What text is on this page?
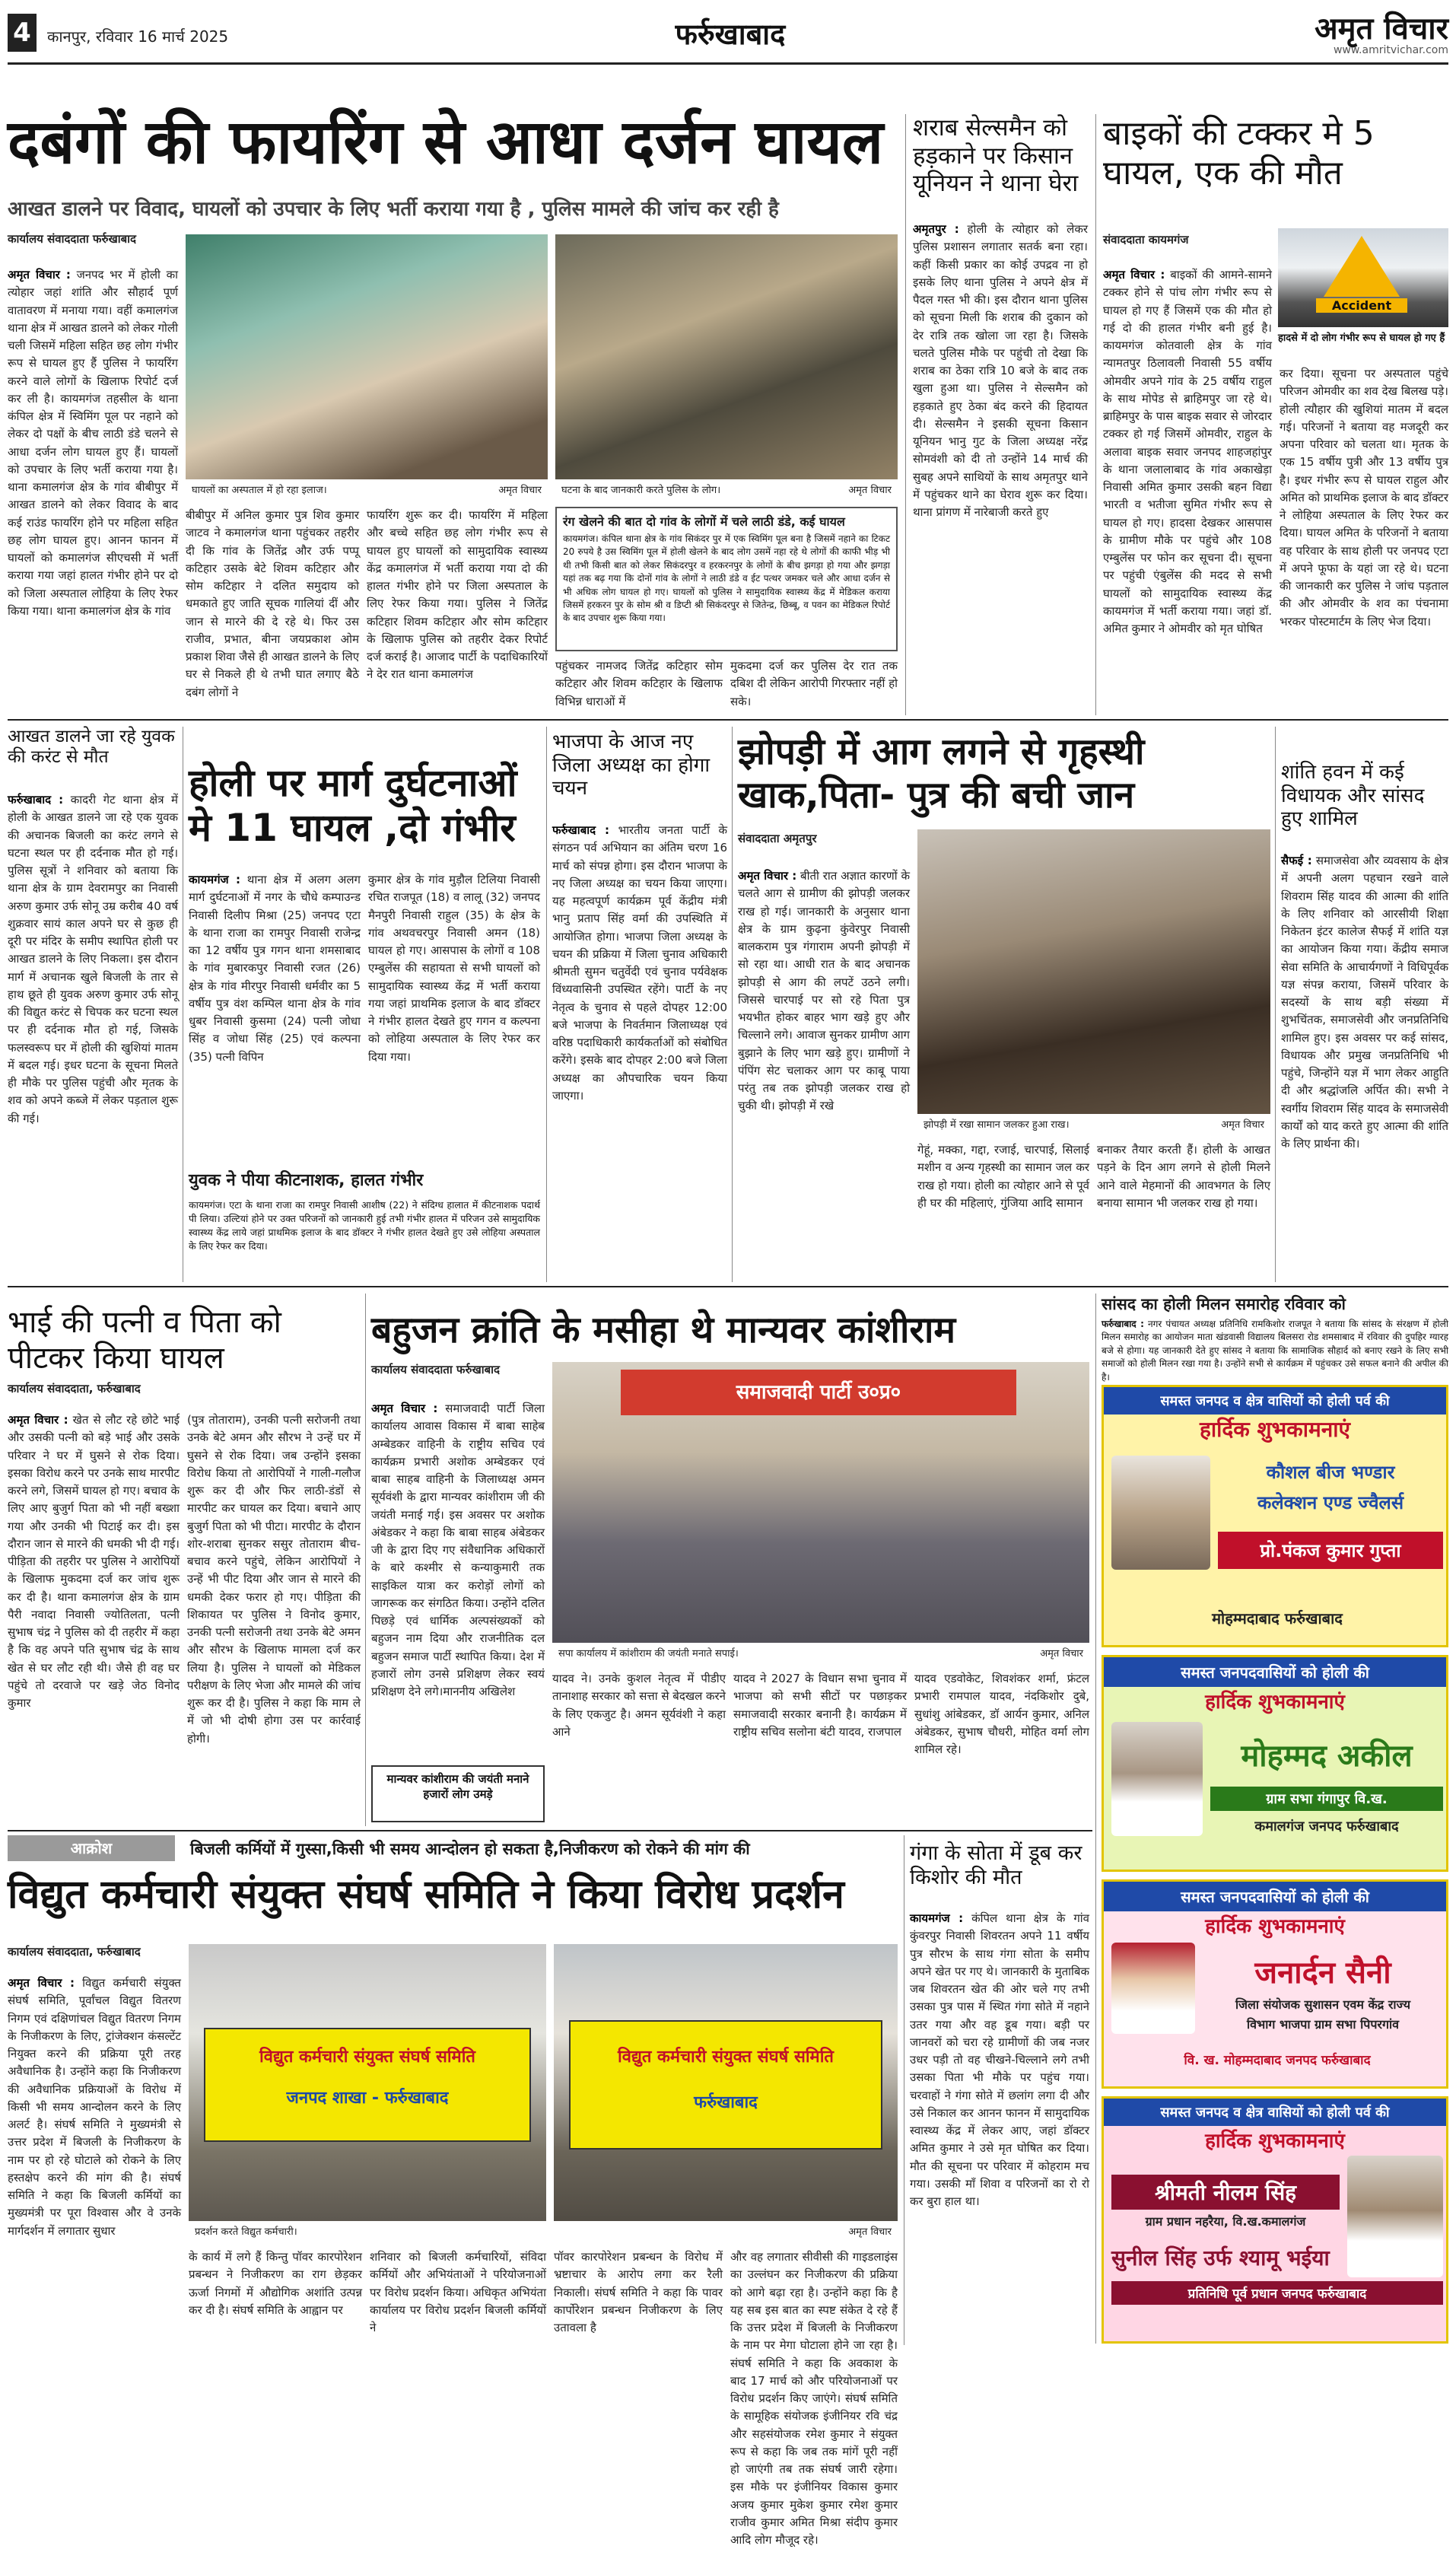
4	कानपुर, रविवार 16 मार्च 2025	फर्रुखाबाद	अमृत विचार
www.amritvichar.com
दबंगों की फायरिंग से आधा दर्जन घायल
आखत डालने पर विवाद, घायलों को उपचार के लिए भर्ती कराया गया है , पुलिस मामले की जांच कर रही है
कार्यालय संवाददाता फर्रुखाबाद
अमृत विचार : जनपद भर में होली का त्योहार जहां शांति और सौहार्द पूर्ण वातावरण में मनाया गया। वहीं कमालगंज थाना क्षेत्र में आखत डालने को लेकर गोली चली जिसमें महिला सहित छह लोग गंभीर रूप से घायल हुए हैं पुलिस ने फायरिंग करने वाले लोगों के खिलाफ रिपोर्ट दर्ज कर ली है। कायमगंज तहसील के थाना कंपिल क्षेत्र में स्विमिंग पूल पर नहाने को लेकर दो पक्षों के बीच लाठी डंडे चलने से आधा दर्जन लोग घायल हुए हैं। घायलों को उपचार के लिए भर्ती कराया गया है। थाना कमालगंज क्षेत्र के गांव बीबीपुर में आखत डालने को लेकर विवाद के बाद कई राउंड फायरिंग होने पर महिला सहित छह लोग घायल हुए। आनन फानन में घायलों को कमालगंज सीएचसी में भर्ती कराया गया जहां हालत गंभीर होने पर दो को जिला अस्पताल लोहिया के लिए रेफर किया गया। थाना कमालगंज क्षेत्र के गांव
घायलों का अस्पताल में हो रहा इलाज।	अमृत विचार घटना के बाद जानकारी करते पुलिस के लोग।	अमृत विचार
बीबीपुर में अनिल कुमार पुत्र शिव कुमार जाटव ने कमालगंज थाना पहुंचकर तहरीर दी कि गांव के जितेंद्र और उर्फ पप्पू कटिहार उसके बेटे शिवम कटिहार और सोम कटिहार ने दलित समुदाय को धमकाते हुए जाति सूचक गालियां दीं और जान से मारने की दे रहे थे। फिर उस राजीव, प्रभात, बीना जयप्रकाश ओम प्रकाश शिवा जैसे ही आखत डालने के लिए घर से निकले ही थे तभी घात लगाए बैठे दबंग लोगों ने
फायरिंग शुरू कर दी। फायरिंग में महिला और बच्चे सहित छह लोग गंभीर रूप से घायल हुए घायलों को सामुदायिक स्वास्थ्य केंद्र कमालगंज में भर्ती कराया गया दो की हालत गंभीर होने पर जिला अस्पताल के लिए रेफर किया गया। पुलिस ने जितेंद्र कटिहार शिवम कटिहार और सोम कटिहार के खिलाफ पुलिस को तहरीर देकर रिपोर्ट दर्ज कराई है। आजाद पार्टी के पदाधिकारियों ने देर रात थाना कमालगंज
रंग खेलने की बात दो गांव के लोगों में चले लाठी डंडे, कई घायल
कायमगंज। कंपिल थाना क्षेत्र के गांव सिकंदर पुर में एक स्विमिंग पूल बना है जिसमें नहाने का टिकट 20 रुपये है उस स्विमिंग पूल में होली खेलने के बाद लोग उसमें नहा रहे थे लोगों की काफी भीड़ भी थी तभी किसी बात को लेकर सिकंदरपुर व हरकरनपुर के लोगों के बीच झगड़ा हो गया और झगड़ा यहां तक बढ़ गया कि दोनों गांव के लोगों ने लाठी डंडे व ईट पत्थर जमकर चले और आधा दर्जन से भी अधिक लोग घायल हो गए। घायलों को पुलिस ने सामुदायिक स्वास्थ्य केंद्र में मेडिकल कराया जिसमें हरकरन पुर के सोम श्री व डिप्टी श्री सिकंदरपुर से जितेन्द्र, छिब्बू, व पवन का मेडिकल रिपोर्ट के बाद उपचार शुरू किया गया।
पहुंचकर नामजद जितेंद्र कटिहार सोम कटिहार और शिवम कटिहार के खिलाफ विभिन्न धाराओं में
मुकदमा दर्ज कर पुलिस देर रात तक दबिश दी लेकिन आरोपी गिरफ्तार नहीं हो सके।
शराब सेल्समैन को हड़काने पर किसान यूनियन ने थाना घेरा
अमृतपुर : होली के त्योहार को लेकर पुलिस प्रशासन लगातार सतर्क बना रहा। कहीं किसी प्रकार का कोई उपद्रव ना हो इसके लिए थाना पुलिस ने अपने क्षेत्र में पैदल गस्त भी की। इस दौरान थाना पुलिस को सूचना मिली कि शराब की दुकान को देर रात्रि तक खोला जा रहा है। जिसके चलते पुलिस मौके पर पहुंची तो देखा कि शराब का ठेका रात्रि 10 बजे के बाद तक खुला हुआ था। पुलिस ने सेल्समैन को हड़काते हुए ठेका बंद करने की हिदायत दी। सेल्समैन ने इसकी सूचना किसान यूनियन भानु गुट के जिला अध्यक्ष नरेंद्र सोमवंशी को दी तो उन्होंने 14 मार्च की सुबह अपने साथियों के साथ अमृतपुर थाने में पहुंचकर थाने का घेराव शुरू कर दिया। थाना प्रांगण में नारेबाजी करते हुए
बाइकों की टक्कर मे 5 घायल, एक की मौत
संवाददाता कायमगंज
Accident
हादसे में दो लोग गंभीर रूप से घायल हो गए हैं
अमृत विचार : बाइकों की आमने-सामने टक्कर होने से पांच लोग गंभीर रूप से घायल हो गए हैं जिसमें एक की मौत हो गई दो की हालत गंभीर बनी हुई है। कायमगंज कोतवाली क्षेत्र के गांव न्यामतपुर ठिलावली निवासी 55 वर्षीय ओमवीर अपने गांव के 25 वर्षीय राहुल के साथ मोपेड से ब्राहिमपुर जा रहे थे। ब्राहिमपुर के पास बाइक सवार से जोरदार टक्कर हो गई जिसमें ओमवीर, राहुल के अलावा बाइक सवार जनपद शाहजहांपुर के थाना जलालाबाद के गांव अकाखेड़ा निवासी अमित कुमार उसकी बहन विद्या भारती व भतीजा सुमित गंभीर रूप से घायल हो गए। हादसा देखकर आसपास के ग्रामीण मौके पर पहुंचे और 108 एम्बुलेंस पर फोन कर सूचना दी। सूचना पर पहुंची एंबुलेंस की मदद से सभी घायलों को सामुदायिक स्वास्थ्य केंद्र कायमगंज में भर्ती कराया गया। जहां डॉ. अमित कुमार ने ओमवीर को मृत घोषित
कर दिया। सूचना पर अस्पताल पहुंचे परिजन ओमवीर का शव देख बिलख पड़े। होली त्यौहार की खुशियां मातम में बदल गई। परिजनों ने बताया वह मजदूरी कर अपना परिवार को चलता था। मृतक के एक 15 वर्षीय पुत्री और 13 वर्षीय पुत्र है। इधर गंभीर रूप से घायल राहुल और अमित को प्राथमिक इलाज के बाद डॉक्टर ने लोहिया अस्पताल के लिए रेफर कर दिया। घायल अमित के परिजनों ने बताया वह परिवार के साथ होली पर जनपद एटा में अपने फूफा के यहां जा रहे थे। घटना की जानकारी कर पुलिस ने जांच पड़ताल की और ओमवीर के शव का पंचनामा भरकर पोस्टमार्टम के लिए भेज दिया।
आखत डालने जा रहे युवक की करंट से मौत
फर्रुखाबाद : कादरी गेट थाना क्षेत्र में होली के आखत डालने जा रहे एक युवक की अचानक बिजली का करंट लगने से घटना स्थल पर ही दर्दनाक मौत हो गई। पुलिस सूत्रों ने शनिवार को बताया कि थाना क्षेत्र के ग्राम देवरामपुर का निवासी अरुण कुमार उर्फ सोनू उम्र करीब 40 वर्ष शुक्रवार सायं काल अपने घर से कुछ ही दूरी पर मंदिर के समीप स्थापित होली पर आखत डालने के लिए निकला। इस दौरान मार्ग में अचानक खुले बिजली के तार से हाथ छूते ही युवक अरुण कुमार उर्फ सोनू की विद्युत करंट से चिपक कर घटना स्थल पर ही दर्दनाक मौत हो गई, जिसके फलस्वरूप घर में होली की खुशियां मातम में बदल गई। इधर घटना के सूचना मिलते ही मौके पर पुलिस पहुंची और मृतक के शव को अपने कब्जे में लेकर पड़ताल शुरू की गई।
होली पर मार्ग दुर्घटनाओं मे 11 घायल ,दो गंभीर
कायमगंज : थाना क्षेत्र में अलग अलग मार्ग दुर्घटनाओं में नगर के चौधे कम्पाउन्ड निवासी दिलीप मिश्रा (25) जनपद एटा के थाना राजा का रामपुर निवासी राजेन्द्र का 12 वर्षीय पुत्र गगन थाना शमसाबाद के गांव मुबारकपुर निवासी रजत (26) क्षेत्र के गांव मीरपुर निवासी धर्मवीर का 5 वर्षीय पुत्र वंश कम्पिल थाना क्षेत्र के गांव धुबर निवासी कुसमा (24) पत्नी जोधा सिंह व जोधा सिंह (25) एवं कल्पना (35) पत्नी विपिन
कुमार क्षेत्र के गांव मुड़ौल टिलिया निवासी रचित राजपूत (18) व लालू (32) जनपद मैनपुरी निवासी राहुल (35) के क्षेत्र के गांव अथवचरपुर निवासी अमन (18) घायल हो गए। आसपास के लोगों व 108 एम्बुलेंस की सहायता से सभी घायलों को सामुदायिक स्वास्थ्य केंद्र में भर्ती कराया गया जहां प्राथमिक इलाज के बाद डॉक्टर ने गंभीर हालत देखते हुए गगन व कल्पना को लोहिया अस्पताल के लिए रेफर कर दिया गया।
युवक ने पीया कीटनाशक, हालत गंभीर
कायमगंज। एटा के थाना राजा का रामपुर निवासी आशीष (22) ने संदिग्ध हालात में कीटनाशक पदार्थ पी लिया। उल्टियां होने पर उक्त परिजनों को जानकारी हुई तभी गंभीर हालत में परिजन उसे सामुदायिक स्वास्थ्य केंद्र लाये जहां प्राथमिक इलाज के बाद डॉक्टर ने गंभीर हालत देखते हुए उसे लोहिया अस्पताल के लिए रेफर कर दिया।
भाजपा के आज नए जिला अध्यक्ष का होगा चयन
फर्रुखाबाद : भारतीय जनता पार्टी के संगठन पर्व अभियान का अंतिम चरण 16 मार्च को संपन्न होगा। इस दौरान भाजपा के नए जिला अध्यक्ष का चयन किया जाएगा। यह महत्वपूर्ण कार्यक्रम पूर्व केंद्रीय मंत्री भानु प्रताप सिंह वर्मा की उपस्थिति में आयोजित होगा। भाजपा जिला अध्यक्ष के चयन की प्रक्रिया में जिला चुनाव अधिकारी श्रीमती सुमन चतुर्वेदी एवं चुनाव पर्यवेक्षक विंध्यवासिनी उपस्थित रहेंगे। पार्टी के नए नेतृत्व के चुनाव से पहले दोपहर 12:00 बजे भाजपा के निवर्तमान जिलाध्यक्ष एवं वरिष्ठ पदाधिकारी कार्यकर्ताओं को संबोधित करेंगे। इसके बाद दोपहर 2:00 बजे जिला अध्यक्ष का औपचारिक चयन किया जाएगा।
झोपड़ी में आग लगने से गृहस्थी खाक,पिता- पुत्र की बची जान
संवाददाता अमृतपुर
अमृत विचार : बीती रात अज्ञात कारणों के चलते आग से ग्रामीण की झोपड़ी जलकर राख हो गई। जानकारी के अनुसार थाना क्षेत्र के ग्राम कुढ़ना कुंवेरपुर निवासी बालकराम पुत्र गंगाराम अपनी झोपड़ी में सो रहा था। आधी रात के बाद अचानक झोपड़ी से आग की लपटें उठने लगी। जिससे चारपाई पर सो रहे पिता पुत्र भयभीत होकर बाहर भाग खड़े हुए और चिल्लाने लगे। आवाज सुनकर ग्रामीण आग बुझाने के लिए भाग खड़े हुए। ग्रामीणों ने पंपिंग सेट चलाकर आग पर काबू पाया परंतु तब तक झोपड़ी जलकर राख हो चुकी थी। झोपड़ी में रखे
झोपड़ी में रखा सामान जलकर हुआ राख।	अमृत विचार
गेहूं, मक्का, गद्दा, रजाई, चारपाई, सिलाई मशीन व अन्य गृहस्थी का सामान जल कर राख हो गया। होली का त्योहार आने से पूर्व ही घर की महिलाएं, गुंजिया आदि सामान
बनाकर तैयार करती हैं। होली के आखत पड़ने के दिन आग लगने से होली मिलने आने वाले मेहमानों की आवभगत के लिए बनाया सामान भी जलकर राख हो गया।
शांति हवन में कई विधायक और सांसद हुए शामिल
सैफई : समाजसेवा और व्यवसाय के क्षेत्र में अपनी अलग पहचान रखने वाले शिवराम सिंह यादव की आत्मा की शांति के लिए शनिवार को आरसीयी शिक्षा निकेतन इंटर कालेज सैफई में शांति यज्ञ का आयोजन किया गया। केंद्रीय समाज सेवा समिति के आचार्यगणों ने विधिपूर्वक यज्ञ संपन्न कराया, जिसमें परिवार के सदस्यों के साथ बड़ी संख्या में शुभचिंतक, समाजसेवी और जनप्रतिनिधि शामिल हुए। इस अवसर पर कई सांसद, विधायक और प्रमुख जनप्रतिनिधि भी पहुंचे, जिन्होंने यज्ञ में भाग लेकर आहुति दी और श्रद्धांजलि अर्पित की। सभी ने स्वर्गीय शिवराम सिंह यादव के समाजसेवी कार्यों को याद करते हुए आत्मा की शांति के लिए प्रार्थना की।
भाई की पत्नी व पिता को पीटकर किया घायल
कार्यालय संवाददाता, फर्रुखाबाद
अमृत विचार : खेत से लौट रहे छोटे भाई और उसकी पत्नी को बड़े भाई और उसके परिवार ने घर में घुसने से रोक दिया। इसका विरोध करने पर उनके साथ मारपीट करने लगे, जिसमें घायल हो गए। बचाव के लिए आए बुजुर्ग पिता को भी नहीं बख्शा गया और उनकी भी पिटाई कर दी। इस दौरान जान से मारने की धमकी भी दी गई। पीड़िता की तहरीर पर पुलिस ने आरोपियों के खिलाफ मुकदमा दर्ज कर जांच शुरू कर दी है। थाना कमालगंज क्षेत्र के ग्राम पैरी नवादा निवासी ज्योतिलता, पत्नी सुभाष चंद्र ने पुलिस को दी तहरीर में कहा है कि वह अपने पति सुभाष चंद्र के साथ खेत से घर लौट रही थी। जैसे ही वह घर पहुंचे तो दरवाजे पर खड़े जेठ विनोद कुमार
(पुत्र तोताराम), उनकी पत्नी सरोजनी तथा उनके बेटे अमन और सौरभ ने उन्हें घर में घुसने से रोक दिया। जब उन्होंने इसका विरोध किया तो आरोपियों ने गाली-गलौज शुरू कर दी और फिर लाठी-डंडों से मारपीट कर घायल कर दिया। बचाने आए बुजुर्ग पिता को भी पीटा। मारपीट के दौरान शोर-शराबा सुनकर ससुर तोताराम बीच-बचाव करने पहुंचे, लेकिन आरोपियों ने उन्हें भी पीट दिया और जान से मारने की धमकी देकर फरार हो गए। पीड़िता की शिकायत पर पुलिस ने विनोद कुमार, उनकी पत्नी सरोजनी तथा उनके बेटे अमन और सौरभ के खिलाफ मामला दर्ज कर लिया है। पुलिस ने घायलों को मेडिकल परीक्षण के लिए भेजा और मामले की जांच शुरू कर दी है। पुलिस ने कहा कि माम ले में जो भी दोषी होगा उस पर कार्रवाई होगी।
बहुजन क्रांति के मसीहा थे मान्यवर कांशीराम
कार्यालय संवाददाता फर्रुखाबाद
अमृत विचार : समाजवादी पार्टी जिला कार्यालय आवास विकास में बाबा साहेब अम्बेडकर वाहिनी के राष्ट्रीय सचिव एवं कार्यक्रम प्रभारी अशोक अम्बेडकर एवं बाबा साहब वाहिनी के जिलाध्यक्ष अमन सूर्यवंशी के द्वारा मान्यवर कांशीराम जी की जयंती मनाई गई। इस अवसर पर अशोक अंबेडकर ने कहा कि बाबा साहब अंबेडकर जी के द्वारा दिए गए संवैधानिक अधिकारों के बारे कश्मीर से कन्याकुमारी तक साइकिल यात्रा कर करोड़ों लोगों को जागरूक कर संगठित किया। उन्होंने दलित पिछड़े एवं धार्मिक अल्पसंख्यकों को बहुजन नाम दिया और राजनीतिक दल बहुजन समाज पार्टी स्थापित किया। देश में हजारों लोग उनसे प्रशिक्षण लेकर स्वयं प्रशिक्षण देने लगे।माननीय अखिलेश
समाजवादी पार्टी उ०प्र०
सपा कार्यालय में कांशीराम की जयंती मनाते सपाई।	अमृत विचार
मान्यवर कांशीराम की जयंती मनाने हजारों लोग उमड़े
यादव ने। उनके कुशल नेतृत्व में पीडीए तानाशाह सरकार को सत्ता से बेदखल करने के लिए एकजुट है। अमन सूर्यवंशी ने कहा आने
यादव ने 2027 के विधान सभा चुनाव में भाजपा को सभी सीटों पर पछाड़कर समाजवादी सरकार बनानी है। कार्यक्रम में राष्ट्रीय सचिव सलोना बंटी यादव, राजपाल
यादव एडवोकेट, शिवशंकर शर्मा, फ्रंटल प्रभारी रामपाल यादव, नंदकिशोर दुबे, सुधांशु आंबेडकर, डॉ आर्यन कुमार, अनिल अंबेडकर, सुभाष चौधरी, मोहित वर्मा लोग शामिल रहे।
सांसद का होली मिलन समारोह रविवार को
फर्रुखाबाद : नगर पंचायत अध्यक्ष प्रतिनिधि रामकिशोर राजपूत ने बताया कि सांसद के संरक्षण में होली मिलन समारोह का आयोजन माता खंडवासी विद्यालय बिलसरा रोड शमसाबाद में रविवार की दुपहिर ग्यारह बजे से होगा। यह जानकारी देते हुए सांसद ने बताया कि सामाजिक सौहार्द को बनाए रखने के लिए सभी समाजों को होली मिलन रखा गया है। उन्होंने सभी से कार्यक्रम में पहुंचकर उसे सफल बनाने की अपील की है।
समस्त जनपद व क्षेत्र वासियों को होली पर्व की
हार्दिक शुभकामनाएं
कौशल बीज भण्डार
कलेक्शन एण्ड ज्वैलर्स
प्रो.पंकज कुमार गुप्ता
मोहम्मदाबाद फर्रुखाबाद
समस्त जनपदवासियों को होली की
हार्दिक शुभकामनाएं
मोहम्मद अकील
ग्राम सभा गंगापुर वि.ख.
कमालगंज जनपद फर्रुखाबाद
समस्त जनपदवासियों को होली की
हार्दिक शुभकामनाएं
जनार्दन सैनी
जिला संयोजक सुशासन एवम केंद्र राज्य
विभाग भाजपा ग्राम सभा पिपरगांव
वि. ख. मोहम्मदाबाद जनपद फर्रुखाबाद
समस्त जनपद व क्षेत्र वासियों को होली पर्व की
हार्दिक शुभकामनाएं
श्रीमती नीलम सिंह
ग्राम प्रधान नहरैया, वि.ख.कमालगंज
सुनील सिंह उर्फ श्यामू भईया
प्रतिनिधि पूर्व प्रधान जनपद फर्रुखाबाद
आक्रोश	बिजली कर्मियों में गुस्सा,किसी भी समय आन्दोलन हो सकता है,निजीकरण को रोकने की मांग की
विद्युत कर्मचारी संयुक्त संघर्ष समिति ने किया विरोध प्रदर्शन
कार्यालय संवाददाता, फर्रुखाबाद
अमृत विचार : विद्युत कर्मचारी संयुक्त संघर्ष समिति, पूर्वांचल विद्युत वितरण निगम एवं दक्षिणांचल विद्युत वितरण निगम के निजीकरण के लिए, ट्रांजेक्शन कंसल्टेंट नियुक्त करने की प्रक्रिया पूरी तरह अवैधानिक है। उन्होंने कहा कि निजीकरण की अवैधानिक प्रक्रियाओं के विरोध में किसी भी समय आन्दोलन करने के लिए अलर्ट है। संघर्ष समिति ने मुख्यमंत्री से उत्तर प्रदेश में बिजली के निजीकरण के नाम पर हो रहे घोटाले को रोकने के लिए हस्तक्षेप करने की मांग की है। संघर्ष समिति ने कहा कि बिजली कर्मियों का मुख्यमंत्री पर पूरा विश्वास और वे उनके मार्गदर्शन में लगातार सुधार
विद्युत कर्मचारी संयुक्त संघर्ष समिति
जनपद शाखा - फर्रुखाबाद
प्रदर्शन करते विद्युत कर्मचारी।
विद्युत कर्मचारी संयुक्त संघर्ष समिति
फर्रुखाबाद
अमृत विचार
के कार्य में लगे हैं किन्तु पॉवर कारपोरेशन प्रबन्धन ने निजीकरण का राग छेड़कर ऊर्जा निगमों में औद्योगिक अशांति उत्पन्न कर दी है। संघर्ष समिति के आह्वान पर
शनिवार को बिजली कर्मचारियों, संविदा कर्मियों और अभियंताओं ने परियोजनाओं पर विरोध प्रदर्शन किया। अधिकृत अभियंता कार्यालय पर विरोध प्रदर्शन बिजली कर्मियों ने
पॉवर कारपोरेशन प्रबन्धन के विरोध में भ्रष्टाचार के आरोप लगा कर रैली निकाली। संघर्ष समिति ने कहा कि पावर कार्पोरेशन प्रबन्धन निजीकरण के लिए उतावला है
और वह लगातार सीवीसी की गाइडलाइंस का उल्लंघन कर निजीकरण की प्रक्रिया को आगे बढ़ा रहा है। उन्होंने कहा कि है यह सब इस बात का स्पष्ट संकेत दे रहे हैं कि उत्तर प्रदेश में बिजली के निजीकरण के नाम पर मेगा घोटाला होने जा रहा है। संघर्ष समिति ने कहा कि अवकाश के बाद 17 मार्च को और परियोजनाओं पर विरोध प्रदर्शन किए जाएंगे। संघर्ष समिति के सामूहिक संयोजक इंजीनियर रवि चंद्र और सहसंयोजक रमेश कुमार ने संयुक्त रूप से कहा कि जब तक मांगें पूरी नहीं हो जाएंगी तब तक संघर्ष जारी रहेगा। इस मौके पर इंजीनियर विकास कुमार अजय कुमार मुकेश कुमार रमेश कुमार राजीव कुमार अमित मिश्रा संदीप कुमार आदि लोग मौजूद रहे।
गंगा के सोता में डूब कर किशोर की मौत
कायमगंज : कंपिल थाना क्षेत्र के गांव कुंवरपुर निवासी शिवरतन अपने 11 वर्षीय पुत्र सौरभ के साथ गंगा सोता के समीप अपने खेत पर गए थे। जानकारी के मुताबिक जब शिवरतन खेत की ओर चले गए तभी उसका पुत्र पास में स्थित गंगा सोते में नहाने उतर गया और वह डूब गया। बड़ी पर जानवरों को चरा रहे ग्रामीणों की जब नजर उधर पड़ी तो वह चीखने-चिल्लाने लगे तभी उसका पिता भी मौके पर पहुंच गया। चरवाहों ने गंगा सोते में छलांग लगा दी और उसे निकाल कर आनन फानन में सामुदायिक स्वास्थ्य केंद्र में लेकर आए, जहां डॉक्टर अमित कुमार ने उसे मृत घोषित कर दिया। मौत की सूचना पर परिवार में कोहराम मच गया। उसकी माँ शिवा व परिजनों का रो रो कर बुरा हाल था।
